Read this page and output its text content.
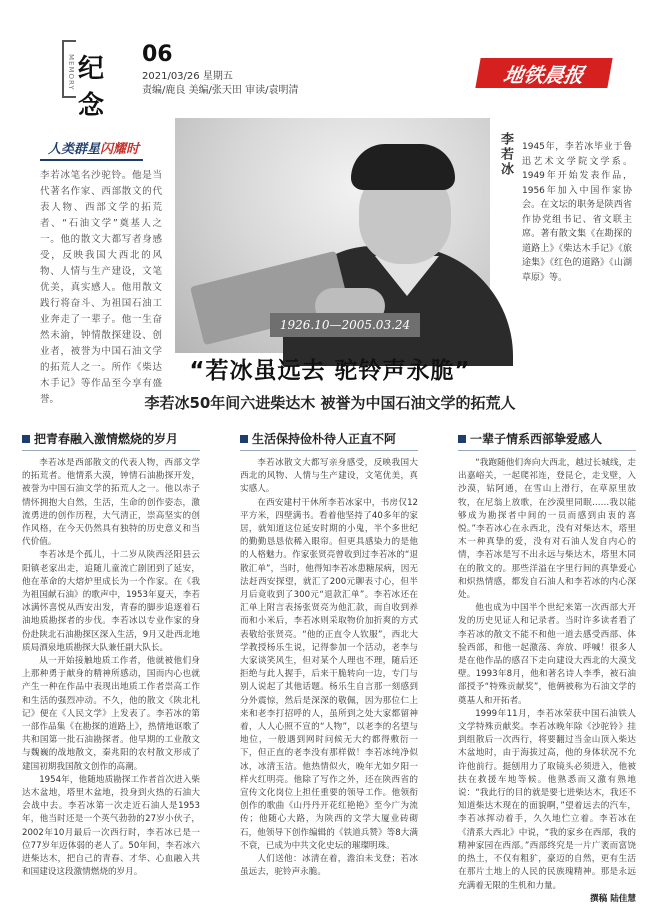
MEMORY 纪念
06
2021/03/26 星期五
责编/鹿良 美编/张天田 审读/袁明清
地铁晨报
人类群星闪耀时
李若冰笔名沙驼铃。他是当代著名作家、西部散文的代表人物、西部文学的拓荒者、“石油文学”奠基人之一。他的散文大都写者身感受，反映我国大西北的风物、人情与生产建设，文笔优美，真实感人。他用散文践行将奋斗、为祖国石油工业奔走了一辈子。他一生奋然未渝，钟情散探建设、创业者，被誉为中国石油文学的拓荒人之一。所作《柴达木手记》等作品至今享有盛誉。
1926.10—2005.03.24
李若冰 1945年，李若冰毕业于鲁迅艺术文学院文学系。1949年开始发表作品，1956年加入中国作家协会。在文坛的职务是陕西省作协党组书记、省文联主席。著有散文集《在勘探的道路上》《柴达木手记》《旅途集》《红色的道路》《山湖草原》等。
“若冰虽远去 驼铃声永脆”
李若冰50年间六进柴达木 被誉为中国石油文学的拓荒人
把青春融入激情燃烧的岁月

李若冰是西部散文的代表人物，西部文学的拓荒者。他情系大漠，钟情石油勘探开发，被誉为中国石油文学的拓荒人之一。他以赤子情怀拥抱大自然，生活，生命的创作姿态，激流勇进的创作历程，大气清正，崇高坚实的创作风格，在今天仍然具有独特的历史意义和当代价值。

李若冰是个孤儿，十二岁从陕西泾阳县云阳镇老家出走，追随儿童流亡剧团到了延安，他在革命的大熔炉里成长为一个作家。在《我为祖国献石油》的歌声中，1953年夏天，李若冰满怀喜悦从西安出发，青春的脚步追逐着石油地质勘探者的步伐。李若冰以专业作家的身份赴陕北石油勘探区深入生活，9月又赴西北地质局酒泉地质勘探大队兼任副大队长。

从一开始接触地质工作者，他就被他们身上那种勇于献身的精神所感动，国而内心也就产生一种在作品中表现出地质工作者崇高工作和生活的强烈冲动。不久，他的散文《陕北札记》便在《人民文学》上发表了。李若冰的第一部作品集《在勘探的道路上》，热情地讴歌了共和国第一批石油勘探者。他早期的工业散文与魏巍的战地散文，秦兆阳的农村散文形成了建国初期我国散文创作的高潮。

1954年，他随地质勘探工作者首次进入柴达木盆地，塔里木盆地，投身到火热的石油大会战中去。李若冰第一次走近石油人是1953年，他当时还是一个英气勃勃的27岁小伙子，2002年10月最后一次西行时，李若冰已是一位77岁年迈体弱的老人了。50年间，李若冰六进柴达木，把自己的青春、才华、心血融入共和国建设这段激情燃烧的岁月。

生活保持俭朴待人正直不阿

李若冰散文大都写亲身感受，反映我国大西北的风物、人情与生产建设，文笔优美，真实感人。

在西安建村干休所李若冰家中，书房仅12平方米，四壁满书。看着他坚持了40多年的家居，就知道这位延安时期的小鬼，半个多世纪的勤勤恳恳依稀入眼帘。但更具感染力的是他的人格魅力。作家张贤亮曾收到过李若冰的“退散汇单”，当时，他得知李若冰患糖尿病，因无法赶西安探望，就汇了200元聊表寸心，但半月后竟收到了300元“退款汇单”。李若冰还在汇单上附言表扬张贤亮为他汇款，而自收到养而和小米后，李若冰则采取物价加折爽的方式表敬给张贤亮。“他的正直令人钦服”，西北大学教授杨乐生说，记得参加一个活动，老李与大家谈笑风生，但对某个人理也不理，随后还拒绝与此人握手，后来干脆转向一边，专门与别人说起了其他话题。杨乐生自言那一刻感到分外震惊，然后是深深的敬佩，因为那位仁上来和老李打招呼的人，虽所到之处大家都留神着，人人心照不宣的“人物”，以老李的名望与地位，一般遇到网时问候无大约都得敷衍一下，但正直的老李没有那样做！李若冰纯净似冰，冰清玉洁。他热情似火，晚年尤如夕阳一样火红明亮。他除了写作之外，还在陕西省的宣传文化岗位上担任重要的领导工作。他领衔创作的歌曲《山丹丹开花红艳艳》至今广为流传；他随心大路，为陕西的文学大厦业砖砌石，他领导下创作编辑的《铁道兵赞》等8大满不衰，已成为中共文化史坛的璀璨明珠。

人们送他：冰清在着，澹泊未戈登；若冰虽远去，驼铃声永脆。

一辈子情系西部挚爱感人

“我跑随他们奔向大西北，越过长城线，走出嘉峪关，一起爬祁连，登昆仑，走戈壁，入沙漠，钻阿通，在雪山上滑行，在草原里放牧，在尼翁上放歌，在沙漠里同眠……我以能够成为勘探者中间的一员而感到由衷的喜悦。”李若冰心在永西北，没有对柴达木，塔里木一种真挚的爱，没有对石油人发自内心的情，李若冰是写不出永远与柴达木，塔里木同在的散文的。那些洋溢在字里行间的真挚爱心和炽热情感，都发自石油人和李若冰的内心深处。

他也成为中国半个世纪来第一次西部大开发的历史见证人和记录者。当时许多读者看了李若冰的散文不能不和他一道去感受西部、体验西部，和他一起激荡、奔放、呼喊！很多人是在他作品的感召下走向建设大西北的大漠戈壁。1993年8月，他和著名诗人李季，被石油部授予“特殊贡献奖”，他俩被称为石油文学的奠基人和开拓者。

1999年11月，李若冰荣获中国石油铁人文学特殊贡献奖。李若冰晚年除《沙驼铃》挂到组散后一次西行，将要翻过当金山顶入柴达木盆地时，由于海拔过高，他的身体状况不允许他前行。挺刨用力了取镜头必须进入，他被扶在救援车地等候。他熟悉而又激有熟地说：“我此行的目的就是要七进柴达木，我还不知道柴达木现在的面貌啊，”望着远去的汽车，李若冰挥动着手，久久地伫立着。李若冰在《清系大西北》中说，“我的家乡在西部，我的精神家园在西部。”西部终究是一片广袤而富饶的热土，不仅有粗犷，豪迈的自然，更有生活在那片土地上的人民的民族瑰精神。那是永远充满着无限的生机和力量。

撰稿 陆佳慧
